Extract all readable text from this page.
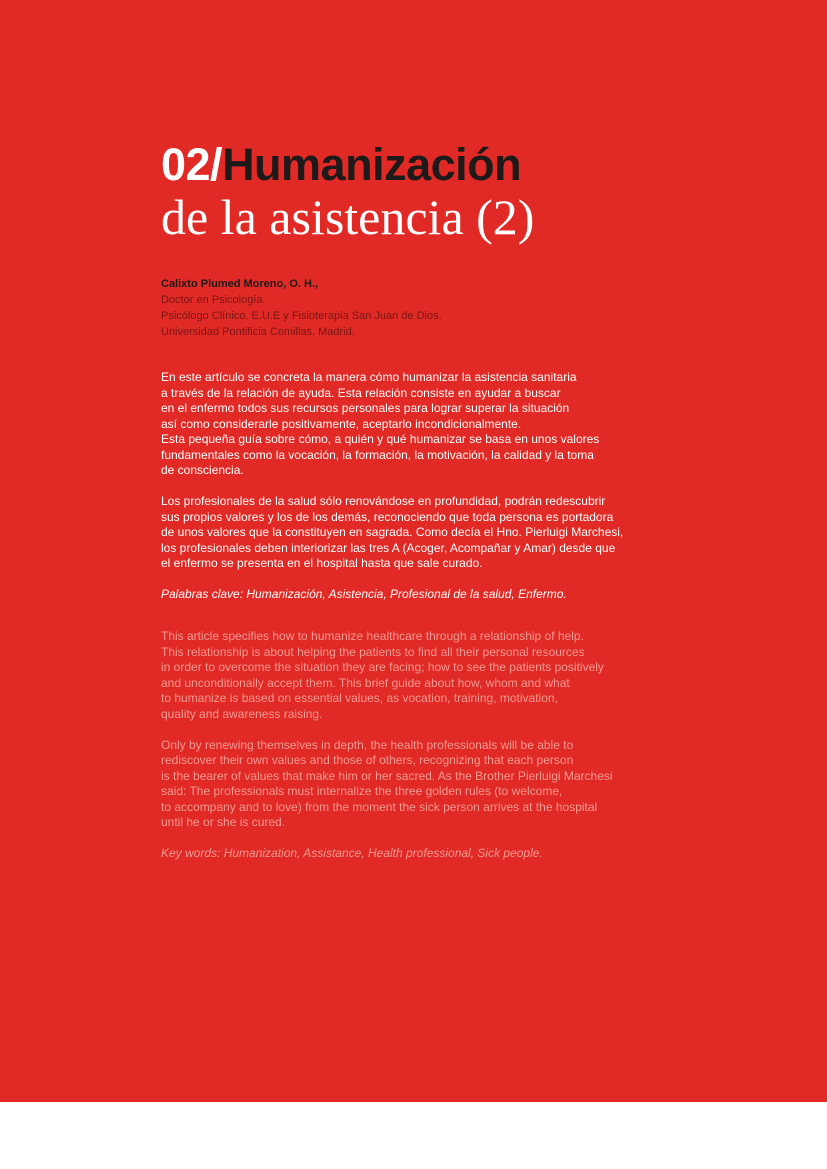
02/Humanización
de la asistencia (2)
Calixto Plumed Moreno, O. H.,
Doctor en Psicología.
Psicólogo Clínico. E.U.E y Fisioterapia San Juan de Dios.
Universidad Pontificia Comillas. Madrid.
En este artículo se concreta la manera cómo humanizar la asistencia sanitaria
a través de la relación de ayuda. Esta relación consiste en ayudar a buscar
en el enfermo todos sus recursos personales para lograr superar la situación
así como considerarle positivamente, aceptarlo incondicionalmente.
Esta pequeña guía sobre cómo, a quién y qué humanizar se basa en unos valores
fundamentales como la vocación, la formación, la motivación, la calidad y la toma
de consciencia.
Los profesionales de la salud sólo renovándose en profundidad, podrán redescubrir
sus propios valores y los de los demás, reconociendo que toda persona es portadora
de unos valores que la constituyen en sagrada. Como decía el Hno. Pierluigi Marchesi,
los profesionales deben interiorizar las tres A (Acoger, Acompañar y Amar) desde que
el enfermo se presenta en el hospital hasta que sale curado.
Palabras clave: Humanización, Asistencia, Profesional de la salud, Enfermo.
This article specifies how to humanize healthcare through a relationship of help.
This relationship is about helping the patients to find all their personal resources
in order to overcome the situation they are facing; how to see the patients positively
and unconditionally accept them. This brief guide about how, whom and what
to humanize is based on essential values, as vocation, training, motivation,
quality and awareness raising.
Only by renewing themselves in depth, the health professionals will be able to
rediscover their own values and those of others, recognizing that each person
is the bearer of values that make him or her sacred. As the Brother Pierluigi Marchesi
said: The professionals must internalize the three golden rules (to welcome,
to accompany and to love) from the moment the sick person arrives at the hospital
until he or she is cured.
Key words: Humanization, Assistance, Health professional, Sick people.
